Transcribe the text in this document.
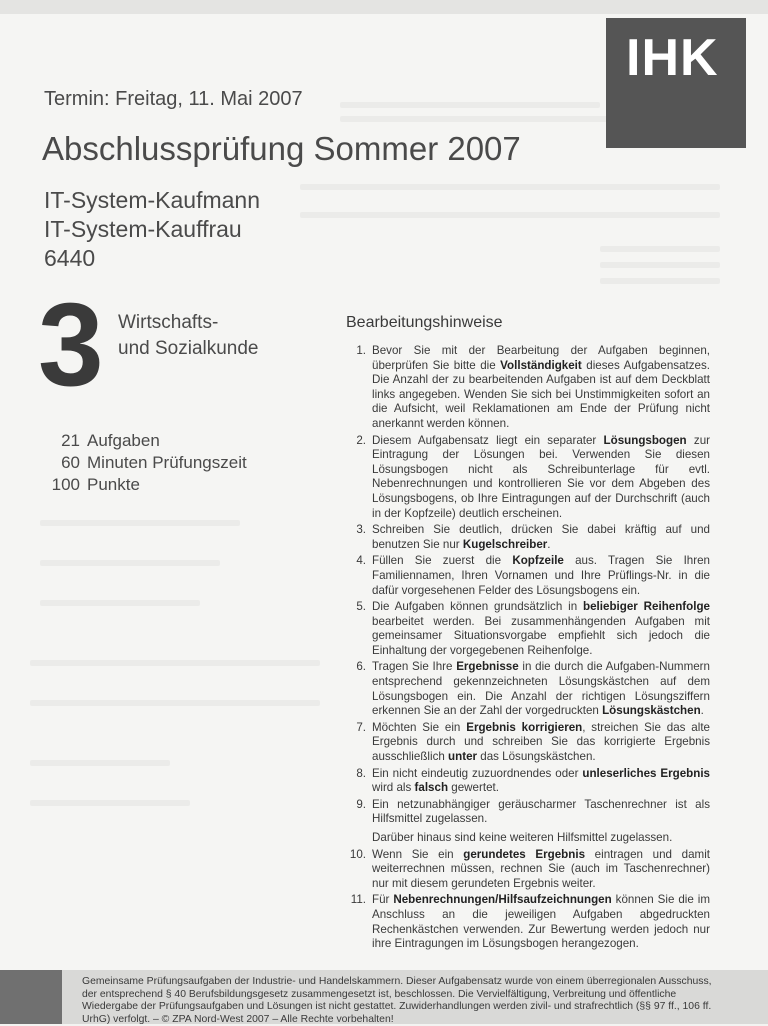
IHK
Termin: Freitag, 11. Mai 2007
Abschlussprüfung Sommer 2007
IT-System-Kaufmann
IT-System-Kauffrau
6440
3 Wirtschafts-
und Sozialkunde
21 Aufgaben
60 Minuten Prüfungszeit
100 Punkte
Bearbeitungshinweise
1. Bevor Sie mit der Bearbeitung der Aufgaben beginnen, überprüfen Sie bitte die Vollständigkeit dieses Aufgabensatzes. Die Anzahl der zu bearbeitenden Aufgaben ist auf dem Deckblatt links angegeben. Wenden Sie sich bei Unstimmigkeiten sofort an die Aufsicht, weil Reklamationen am Ende der Prüfung nicht anerkannt werden können.
2. Diesem Aufgabensatz liegt ein separater Lösungsbogen zur Eintragung der Lösungen bei. Verwenden Sie diesen Lösungsbogen nicht als Schreibunterlage für evtl. Nebenrechnungen und kontrollieren Sie vor dem Abgeben des Lösungsbogens, ob Ihre Eintragungen auf der Durchschrift (auch in der Kopfzeile) deutlich erscheinen.
3. Schreiben Sie deutlich, drücken Sie dabei kräftig auf und benutzen Sie nur Kugelschreiber.
4. Füllen Sie zuerst die Kopfzeile aus. Tragen Sie Ihren Familiennamen, Ihren Vornamen und Ihre Prüflings-Nr. in die dafür vorgesehenen Felder des Lösungsbogens ein.
5. Die Aufgaben können grundsätzlich in beliebiger Reihenfolge bearbeitet werden. Bei zusammenhängenden Aufgaben mit gemeinsamer Situationsvorgabe empfiehlt sich jedoch die Einhaltung der vorgegebenen Reihenfolge.
6. Tragen Sie Ihre Ergebnisse in die durch die Aufgaben-Nummern entsprechend gekennzeichneten Lösungskästchen auf dem Lösungsbogen ein. Die Anzahl der richtigen Lösungsziffern erkennen Sie an der Zahl der vorgedruckten Lösungskästchen.
7. Möchten Sie ein Ergebnis korrigieren, streichen Sie das alte Ergebnis durch und schreiben Sie das korrigierte Ergebnis ausschließlich unter das Lösungskästchen.
8. Ein nicht eindeutig zuzuordnendes oder unleserliches Ergebnis wird als falsch gewertet.
9. Ein netzunabhängiger geräuscharmer Taschenrechner ist als Hilfsmittel zugelassen.
Darüber hinaus sind keine weiteren Hilfsmittel zugelassen.
10. Wenn Sie ein gerundetes Ergebnis eintragen und damit weiterrechnen müssen, rechnen Sie (auch im Taschenrechner) nur mit diesem gerundeten Ergebnis weiter.
11. Für Nebenrechnungen/Hilfsaufzeichnungen können Sie die im Anschluss an die jeweiligen Aufgaben abgedruckten Rechenkästchen verwenden. Zur Bewertung werden jedoch nur ihre Eintragungen im Lösungsbogen herangezogen.
Gemeinsame Prüfungsaufgaben der Industrie- und Handelskammern. Dieser Aufgabensatz wurde von einem überregionalen Ausschuss, der entsprechend § 40 Berufsbildungsgesetz zusammengesetzt ist, beschlossen. Die Vervielfältigung, Verbreitung und öffentliche Wiedergabe der Prüfungsaufgaben und Lösungen ist nicht gestattet. Zuwiderhandlungen werden zivil- und strafrechtlich (§§ 97 ff., 106 ff. UrhG) verfolgt. – © ZPA Nord-West 2007 – Alle Rechte vorbehalten!
